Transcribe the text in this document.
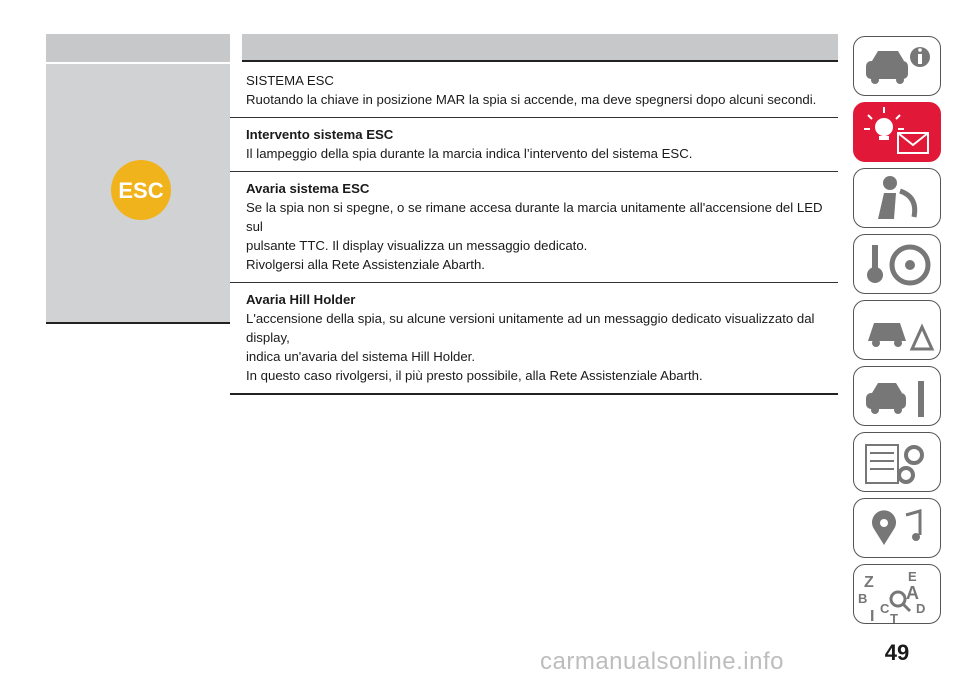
ESC

SISTEMA ESC

Ruotando la chiave in posizione MAR la spia si accende, ma deve spegnersi dopo alcuni secondi.

Intervento sistema ESC

Il lampeggio della spia durante la marcia indica l’intervento del sistema ESC.

Avaria sistema ESC

Se la spia non si spegne, o se rimane accesa durante la marcia unitamente all'accensione del LED sul

pulsante TTC. Il display visualizza un messaggio dedicato.

Rivolgersi alla Rete Assistenziale Abarth.

Avaria Hill Holder

L'accensione della spia, su alcune versioni unitamente ad un messaggio dedicato visualizzato dal display,

indica un'avaria del sistema Hill Holder.

In questo caso rivolgersi, il più presto possibile, alla Rete Assistenziale Abarth.

Z	E
A
B
C D
T
I
49
carmanualsonline.info
